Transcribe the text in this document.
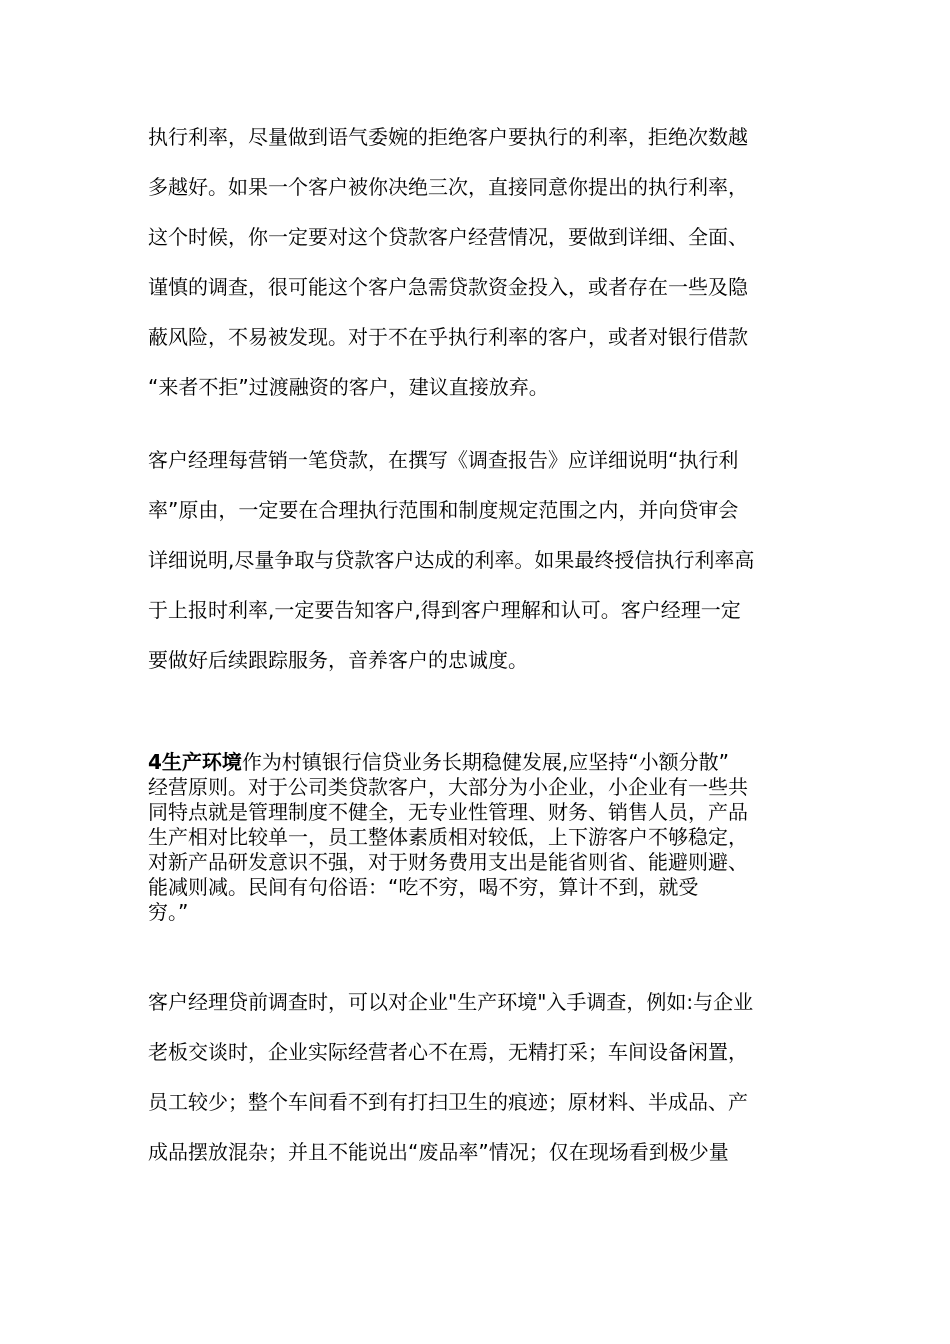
执行利率，尽量做到语气委婉的拒绝客户要执行的利率，拒绝次数越
多越好。如果一个客户被你决绝三次，直接同意你提出的执行利率，
这个时候，你一定要对这个贷款客户经营情况，要做到详细、全面、
谨慎的调查，很可能这个客户急需贷款资金投入，或者存在一些及隐
蔽风险，不易被发现。对于不在乎执行利率的客户，或者对银行借款
“来者不拒”过渡融资的客户，建议直接放弃。
客户经理每营销一笔贷款，在撰写《调查报告》应详细说明“执行利
率”原由，一定要在合理执行范围和制度规定范围之内，并向贷审会
详细说明,尽量争取与贷款客户达成的利率。如果最终授信执行利率高
于上报时利率,一定要告知客户,得到客户理解和认可。客户经理一定
要做好后续跟踪服务，音养客户的忠诚度。
4生产环境作为村镇银行信贷业务长期稳健发展,应坚持“小额分散”
经营原则。对于公司类贷款客户，大部分为小企业，小企业有一些共
同特点就是管理制度不健全，无专业性管理、财务、销售人员，产品
生产相对比较单一，员工整体素质相对较低，上下游客户不够稳定，
对新产品研发意识不强，对于财务费用支出是能省则省、能避则避、
能减则减。民间有句俗语：“吃不穷，喝不穷，算计不到，就受
穷。”
客户经理贷前调查时，可以对企业"生产环境"入手调查，例如:与企业
老板交谈时，企业实际经营者心不在焉，无精打采；车间设备闲置，
员工较少；整个车间看不到有打扫卫生的痕迹；原材料、半成品、产
成品摆放混杂；并且不能说出“废品率”情况；仅在现场看到极少量
